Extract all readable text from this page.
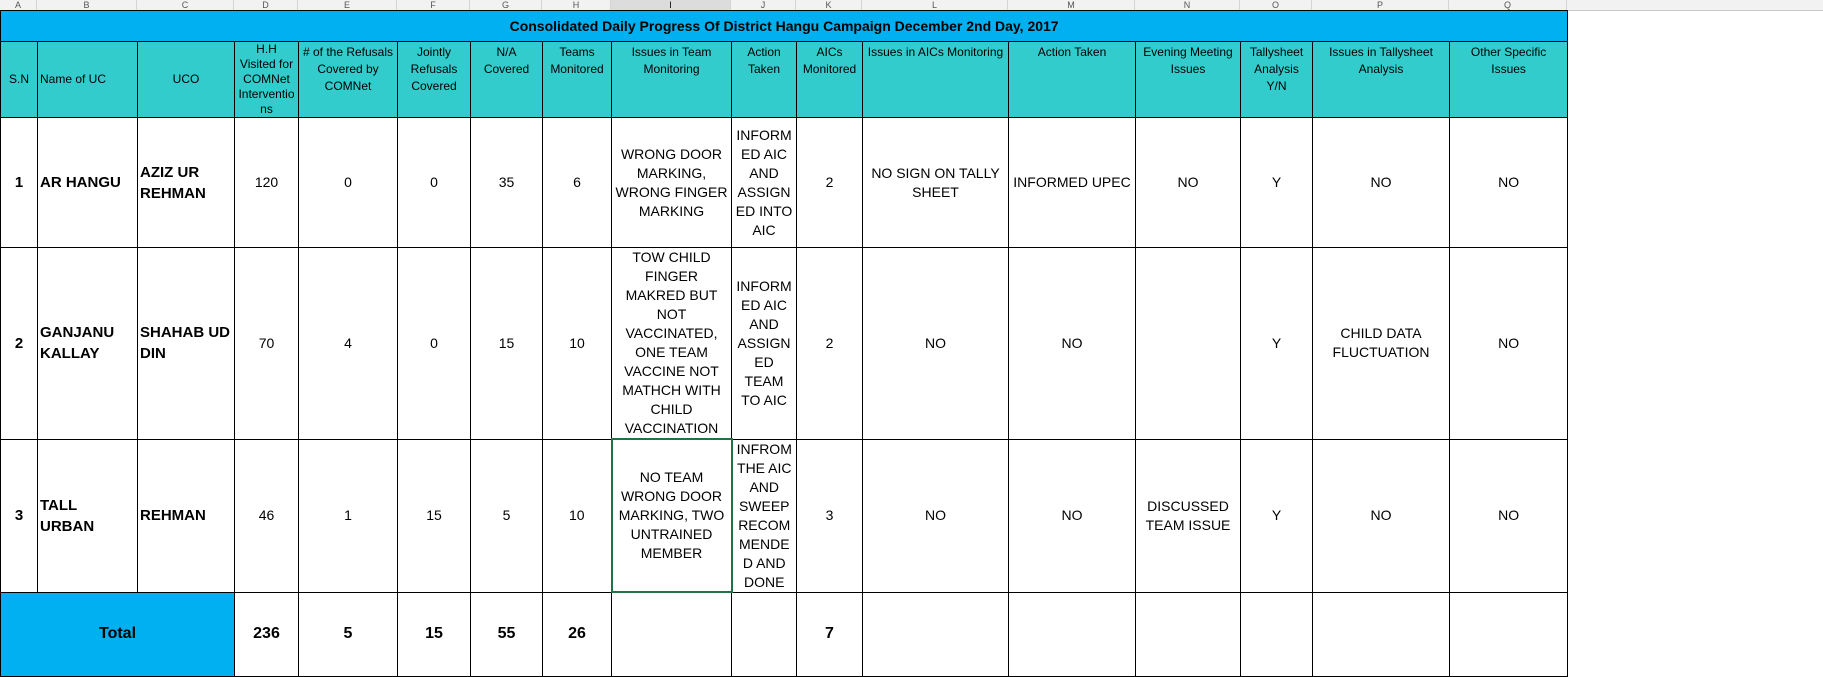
A	B	C	D	E	F	G	H	I	J	K	L	M	N	O	P	Q
Consolidated Daily Progress Of District Hangu Campaign December 2nd Day, 2017																
S.N	Name of UC	UCO	H.H Visited for COMNet Interventions	# of the Refusals Covered by COMNet	Jointly Refusals Covered	N/A Covered	Teams Monitored	Issues in Team Monitoring	Action Taken	AICs Monitored	Issues in AICs Monitoring	Action Taken	Evening Meeting Issues	Tallysheet Analysis Y/N	Issues in Tallysheet Analysis	Other Specific Issues
1	AR HANGU	AZIZ UR REHMAN	120	0	0	35	6	WRONG DOOR MARKING, WRONG FINGER MARKING	INFORMED AIC AND ASSIGNED INTO AIC	2	NO SIGN ON TALLY SHEET	INFORMED UPEC	NO	Y	NO	NO
2	GANJANU KALLAY	SHAHAB UD DIN	70	4	0	15	10	TOW CHILD FINGER MAKRED BUT NOT VACCINATED, ONE TEAM VACCINE NOT MATHCH WITH CHILD VACCINATION	INFORMED AIC AND ASSIGNED TEAM TO AIC	2	NO	NO		Y	CHILD DATA FLUCTUATION	NO
3	TALL URBAN	REHMAN	46	1	15	5	10	NO TEAM WRONG DOOR MARKING, TWO UNTRAINED MEMBER	INFROM THE AIC AND SWEEP RECOMMENDED AND DONE	3	NO	NO	DISCUSSED TEAM ISSUE	Y	NO	NO
Total			236	5	15	55	26			7						
